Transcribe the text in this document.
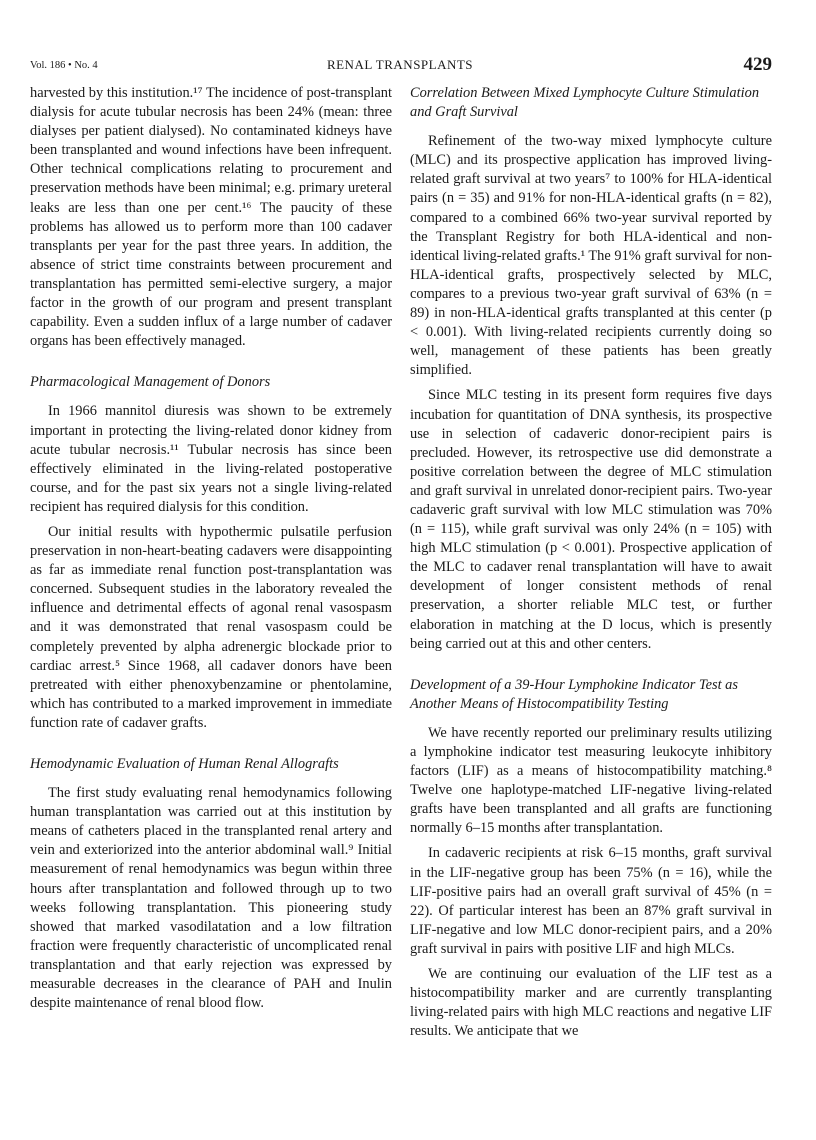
Vol. 186 • No. 4	RENAL TRANSPLANTS	429

harvested by this institution.¹⁷ The incidence of post-transplant dialysis for acute tubular necrosis has been 24% (mean: three dialyses per patient dialysed). No contaminated kidneys have been transplanted and wound infections have been infrequent. Other technical complications relating to procurement and preservation methods have been minimal; e.g. primary ureteral leaks are less than one per cent.¹⁶ The paucity of these problems has allowed us to perform more than 100 cadaver transplants per year for the past three years. In addition, the absence of strict time constraints between procurement and transplantation has permitted semi-elective surgery, a major factor in the growth of our program and present transplant capability. Even a sudden influx of a large number of cadaver organs has been effectively managed.

Pharmacological Management of Donors

In 1966 mannitol diuresis was shown to be extremely important in protecting the living-related donor kidney from acute tubular necrosis.¹¹ Tubular necrosis has since been effectively eliminated in the living-related postoperative course, and for the past six years not a single living-related recipient has required dialysis for this condition.

Our initial results with hypothermic pulsatile perfusion preservation in non-heart-beating cadavers were disappointing as far as immediate renal function post-transplantation was concerned. Subsequent studies in the laboratory revealed the influence and detrimental effects of agonal renal vasospasm and it was demonstrated that renal vasospasm could be completely prevented by alpha adrenergic blockade prior to cardiac arrest.⁵ Since 1968, all cadaver donors have been pretreated with either phenoxybenzamine or phentolamine, which has contributed to a marked improvement in immediate function rate of cadaver grafts.

Hemodynamic Evaluation of Human Renal Allografts

The first study evaluating renal hemodynamics following human transplantation was carried out at this institution by means of catheters placed in the transplanted renal artery and vein and exteriorized into the anterior abdominal wall.⁹ Initial measurement of renal hemodynamics was begun within three hours after transplantation and followed through up to two weeks following transplantation. This pioneering study showed that marked vasodilatation and a low filtration fraction were frequently characteristic of uncomplicated renal transplantation and that early rejection was expressed by measurable decreases in the clearance of PAH and Inulin despite maintenance of renal blood flow.

Correlation Between Mixed Lymphocyte Culture Stimulation and Graft Survival

Refinement of the two-way mixed lymphocyte culture (MLC) and its prospective application has improved living-related graft survival at two years⁷ to 100% for HLA-identical pairs (n = 35) and 91% for non-HLA-identical grafts (n = 82), compared to a combined 66% two-year survival reported by the Transplant Registry for both HLA-identical and non-identical living-related grafts.¹ The 91% graft survival for non-HLA-identical grafts, prospectively selected by MLC, compares to a previous two-year graft survival of 63% (n = 89) in non-HLA-identical grafts transplanted at this center (p < 0.001). With living-related recipients currently doing so well, management of these patients has been greatly simplified.

Since MLC testing in its present form requires five days incubation for quantitation of DNA synthesis, its prospective use in selection of cadaveric donor-recipient pairs is precluded. However, its retrospective use did demonstrate a positive correlation between the degree of MLC stimulation and graft survival in unrelated donor-recipient pairs. Two-year cadaveric graft survival with low MLC stimulation was 70% (n = 115), while graft survival was only 24% (n = 105) with high MLC stimulation (p < 0.001). Prospective application of the MLC to cadaver renal transplantation will have to await development of longer consistent methods of renal preservation, a shorter reliable MLC test, or further elaboration in matching at the D locus, which is presently being carried out at this and other centers.

Development of a 39-Hour Lymphokine Indicator Test as Another Means of Histocompatibility Testing

We have recently reported our preliminary results utilizing a lymphokine indicator test measuring leukocyte inhibitory factors (LIF) as a means of histocompatibility matching.⁸ Twelve one haplotype-matched LIF-negative living-related grafts have been transplanted and all grafts are functioning normally 6–15 months after transplantation.

In cadaveric recipients at risk 6–15 months, graft survival in the LIF-negative group has been 75% (n = 16), while the LIF-positive pairs had an overall graft survival of 45% (n = 22). Of particular interest has been an 87% graft survival in LIF-negative and low MLC donor-recipient pairs, and a 20% graft survival in pairs with positive LIF and high MLCs.

We are continuing our evaluation of the LIF test as a histocompatibility marker and are currently transplanting living-related pairs with high MLC reactions and negative LIF results. We anticipate that we
